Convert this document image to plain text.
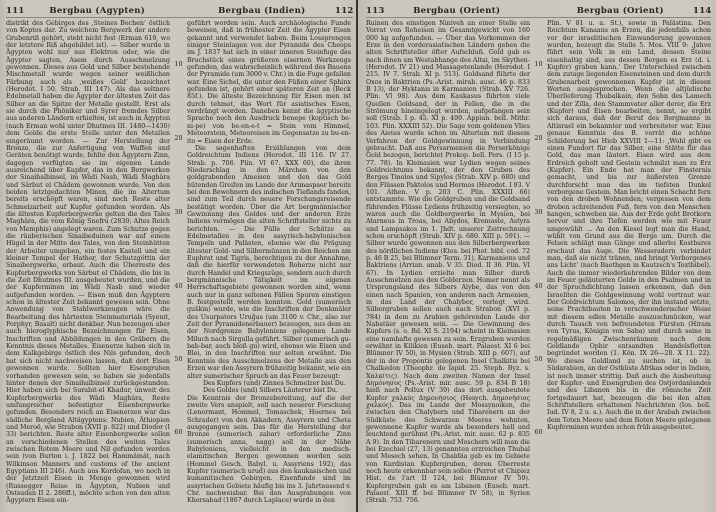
111	Bergbau (Ägypten)	Bergbau (Indien)	112

distrikt des Gebirges des ‚Steines Bechen‘ östlich von Koptos dar. Zu welchem Bergwerk der andere Grubenriß gehört, steht nicht fest (Erman 619, wo der letztere Riß abgebildet ist). — Silber wurde in Ägypten wohl nur aus Elektron oder, wie die Ägypter sagten, Asem durch Ausschmelzung gewonnen. Dieses aus Gold und Silber bestehende Mischmetall wurde wegen seiner weißlichen Färbung auch als ‚weißes Gold‘ bezeichnet (Herodot. I 50. Strab. III 147). Als das seltnere Edelmetall haben die Ägypter der ältesten Zeit das Silber an die Spitze der Metalle gestellt. Erst als sie durch die Phöniker und Syrer fremdes Silber aus anderen Ländern erhielten, ist auch in Ägypten (nach Erman wohl unter Dhutmes III. 1480—1430) dem Golde die erste Stelle unter den Metallen eingeräumt worden. — Zur Herstellung der Bronze, die zur Anfertigung von Waffen und Geräten benötigt wurde, fehlte den Ägyptern Zinn, dagegen verfügten sie im eigenen Lande ausreichend über Kupfer, das in den Bergwerken der Sinaihalbinsel, im Wâdi Nasb, Wâdi Maghâra und Sârbut el Châdem gewonnen wurde. Von den beiden letztgedachten Minen, die im Altertum bereits erschöpft waren, sind noch Reste alter Schmelzarbeit auf Kupfer gefunden worden. Als die ältesten Kupferbergwerke gelten die des Tales Maghâra, die vom König Snefru (2830; Altes Reich von Memphis) angelegt waren. Zum Schutze gegen die räuberischen Sinaibeduinen war auf einem Hügel in der Mitte des Tales, von den Steinhütten der Arbeiter umgeben, ein festes Kastell und ein kleiner Tempel der Hathor, der Schutzgöttin der Sinaibergwerke, erbaut. Auch die Überreste des Kupferbergwerks von Sârbut el Châdem, die bis in die Zeit Dhutmes III. ausgebeutet wurden, und die der Kupferminen im Wâdi Nasb sind wieder aufgefunden worden. — Eisen muß den Ägyptern schon in ältester Zeit bekannt gewesen sein. Ohne Anwendung von Stahlwerkzeugen wäre die Bearbeitung des härtesten Steinmaterials (Syenit, Porphyr, Basalt) nicht denkbar. Nun bezeugen aber auch hieroglyphische Bezeichnungen für Eisen, Inschriften und Abbildungen in den Gräbern die Kenntnis dieses Metalles. Eisenerze haben sich in dem Kalkgebirge östlich des Nils gefunden, doch hat sich nicht nachweisen lassen, daß dort Eisen gewonnen wurde. Sollten hier Eisengruben vorhanden gewesen sein, so haben sie jedenfalls hinter denen der Sinaihalbinsel zurückgestanden. Hier haben sich bei Surabit-el Khadur, unweit des Kupferbergwerks des Wâdi Maghâra, Reste umfangreicher befestigter Eisenbergwerke gefunden. Besonders reich an Eisenerzen war das südliche Bergland Altägyptens: Nubien, Äthiopien und Meroë, wie Strabon (XVII p. 822) und Diodor (I 33) berichten. Reste alter Eisenbergwerke sollen an verschiedenen Stellen des weiten Tales zwischen Rotem Meere und Nil gefunden worden sein (von Burton i. J. 1822 bei Hammâmât, nach Wilkinson Manners and customs of the ancient Egyptians III 246). Auch aus Kordofan, wo noch in der Jetztzeit Eisen in Menge gewonnen wird (Russegger Reise in Ägypten, Nubien und Ostsudan II 2. 286ff.), möchte schon von den alten Ägyptern Eisen ein-

10
20
30
40
50
60

geführt worden sein. Auch archäologische Funde beweisen, daß in frühester Zeit die Ägypter Eisen gekannt und verwendet haben. Beim Lossprengen einiger Steinlagen von der Pyramide des Cheops im J. 1837 hat sich in einer inneren Steinfuge das Bruchstück eines größeren eisernen Werkzeugs gefunden, das wahrscheinlich während des Bauens der Pyramide (um 3000 v. Chr.) in die Fuge gefallen war. Eine Sichel, die unter den Füßen einer Sphinx gefunden ist, gehört einer späteren Zeit an (Beck 85f.). Die älteste Bezeichnung für Eisen men ist durch tehmet, das Wort für asiatisches Eisen, verdrängt worden. Daneben kennt die ägyptische Sprache noch den Ausdruck benepe (koptisch be-ni-pe) von be-en-e-t = Stein vom Himmel, Meteorstein, Meteoreisen im Gegensatze zu bu-en-ito = Eisen der Erde.

Die sagenhaften Erzählungen von dem Goldreichtum Indiens (Herodot. III 116. IV 27. Strab. p. 706. Plin. VI 67. XXX 60), die ihren Niederschlag in den Märchen von den goldgrabenden Ameisen und den das Gold hütenden Greifen im Lande der Arimaspaer bereits bei den Bewohnern des indischen Tieflands fanden, sind zum Teil durch neuere Forschungsreisende bestätigt worden. Über die Art bergmännischer Gewinnung des Goldes und der anderen Erze Indiens vermögen die alten Schriftsteller nichts zu berichten. — Die Fülle der Schätze an Edelmetallen in den assyrisch-babylonischen Tempeln und Palästen, ebenso wie die Prägung ältester Gold- und Silbermünzen in den Reichen am Euphrat und Tigris, berechtigen zu der Annahme, daß die hierfür verwendeten Roherze nicht nur durch Handel und Kriegszüge, sondern auch durch bergmännische Tätigkeit im eigenen Herrschaftsgebiete gewonnen worden sind, wenn auch nur in ganz seltenen Fällen Spuren einstigen B. festgestellt werden konnten. Gold (sumerisch guškin) wurde, wie die Inschriften der Denkmäler des Usurpators Uruǧas (um 3100 v. Chr., also zur Zeit der Pyramidenerbauer) bezeugen, aus dem an der Nordgrenze Babyloniens gelegenen Lande Miluch nach Sirgulla geführt. Silber (sumerisch gu-bab-bar, auch bloß gu) wird, ebenso wie Eisen und Blei, in den Inschriften nur selten erwähnt. Die Kenntnis des Ausschmelzens der Metalle aus den Erzen war den Assyrern frühzeitig bekannt, wie ein alter sumerischer Spruch an das Feuer bezeugt:

Des Kupfers (und) Zinnes Schmelzer bist Du.

Des Goldes (und) Silbers Läuterer bist Du.

Die Kenntnis der Bronzebereitung, auf die der zweite Vers anspielt, soll nach neuerer Forschung (Lenormant, Hommel, Tomaschek, Hoernes bei Schrader) von den Akkadern, Assyrern und Cheta ausgegangen sein. Das für die Herstellung der Bronze (sumerisch zabar) erforderliche Zinn (sumerisch anna, nagg) soll in der Nähe Babyloniens, vielleicht in den medisch-elamitischen Bergen gewonnen worden sein (Hommel Gesch. Babyl. u. Assyriens 192), das Kupfer (sumerisch urud) aus den kaukasischen und kumanitischen Gebirgen. Eisenfunde sind im assyrischen Gebiete häufig bis ins 3. Jahrtausend v. Chr. nachweisbar. Bei den Ausgrabungen von Khorsabad (1867 durch Laplace) wurde in den

113	Bergbau (Orient)	Bergbau (Orient)	114

Ruinen des einstigen Niniveh an einer Stelle ein Vorrat von Roheisen im Gesamtgewicht von 160 000 kg aufgefunden. — Über das Vorkommen der Erze in den vorderasiatischen Ländern geben die alten Schriftsteller öfter Aufschluß. Gold gab es nach ihnen am Westabhange des Altai, im Skythen- (Herodot. IV 21) und Massagetenlande (Herodot. I 215. IV 7. Strab. XI p. 513). Goldsand führte der Oxos in Baktrien (Ps.-Arist. mirab. ausc. 46 p. 833 B 13), der Hyktanis in Karmanien (Strab. XV 726. Plin. VI 98). Aus dem Kaukasus führten viele Quellen Goldsand, der in Fellen, die in die Strömung hineingelegt wurden, aufgefangen sein soll (Strab. I p. 45. XI p. 499. Appian. bell. Mithr. 103. Plin. XXXIII 52). Die Sage vom goldenen Vlies des Aietes wurde schon im Altertum mit diesem Verfahren der Goldgewinnung in Verbindung gebracht. Daß aus Persarmenien die Perserkönige Gold bezogen, berichtet Prokop. bell. Pers. (I 15 p. 77. 78). In Kleinasien war Lydien wegen seines Goldreichtums bekannt, der den Gruben des Berges Tmolos und Sipylos (Strab. XIV p. 680) und den Flüssen Paktolos und Hermos (Herodot. I 93. V 101. Athen. V p. 203 C. Plin. XXXIII 66) entstammte. Wie die Goldgruben und die Goldsand führenden Flüsse Lydiens frühzeitig versiegten, so waren auch die Goldbergwerke in Mysien, bei Atarneus in Troas, bei Abydos, Kremaste, Astyra und Lampsakos im 1. Jhdt. unserer Zeitrechnung schon erschöpft (Strab. XIV p. 680. XIII p. 591). — Silber wurde gewonnen aus den Silberbergwerken des nördlichen Indiens (Ktes. bei Phot. bibl. cod. 72 p. 46 B 25, bei Blümner Term. 31), Karmaniens und Baktriens (Arrian. anab. V 35. Diod. II 36. Plin. VI 67). In Lydien erzielte man Silber durch Ausschmelzen aus den Golderzen. Homer nennt als Ursprungsland des Silbers Alybe, das von den einen nach Spanien, von anderen nach Armenien, in das Land der Chalyber, verlegt wird. Silbergruben sollen auch nach Strabon (XVI p. 784) in dem zu Arabien gehörenden Lande der Nabatäer gewesen sein. — Die Gewinnung des Kupfers (s. o. Bd. XI S. 2194) scheint in Kleinasien eine namhafte gewesen zu sein. Erzgruben werden erwähnt in Kilikien (Euseb. mart. Palaest. XI 6 bei Blümner IV 50), in Mysien (Strab. XIII p. 607), auf der in der Propontis gelegenen Insel Chalkitis bei Chalkedon (Theophr. de lapid. 25. Steph. Byz. s. Χαλκίτις). Nach dem zweiten Namen der Insel Δημόνησος (Ps.-Arist. mir. ausc. 59 p. 834 B 18) hieß nach Pollux (V 39) das dort ausgebeutete Kupfer χαλκὸς Δημονήσιος (Hesych. Δημονήσιος χαλκός). Das im Lande der Mossynoiken, die zwischen den Chalybern und Tibarenern an der Südküste des Schwarzen Meeres wohnten, gewonnene Kupfer wurde als besonders hell und leuchtend gerühmt (Ps.-Arist. mir. ausc. 62 p. 835 A 9). In den Tibarenern und Moschern will man die bei Ezechiel (27, 13) genannten erzreichen Thubal und Mesech sehen. In Chaldäa gab es im Gebiete von Kurdistan Kupfergruben, deren Überreste noch heute erkennbar sein sollen (Perrot et Chipiez Hist. de l'art II 124, bei Blümner IV 59). Kupfergruben gab es am Libanon (Euseb. mart. Palaest. XIII ff. bei Blümner IV 58), in Syrien (Strab. 753. 756.

10
20
30
40
50
60

Plin. V 81 u. a. St.), sowie in Palästina. Den Reichtum Kanaans an Erzen, die jedenfalls schon vor der israelitischen Einwanderung gewonnen wurden, bezeugt die Stelle 5. Mos. VIII 9: ‚Jahve führt sein Volk in ein Land, dessen Steine eisenhaltig sind, aus dessen Bergen es Erz (d. i. Kupfer) graben kann.‘ Der Unterschied zwischen dem zutage liegenden Eisensteinen und dem durch Grubenarbeit gewonnenen Kupfer ist in diesen Worten ausgesprochen. Wenn die altjüdische Überlieferung Thubalkain, den Sohn des Lamech und der Zilla, den Stammvater aller derer, die Erz (Kupfer) und Eisen bearbeiten, nennt, so ergibt sich daraus, daß der Beruf des Bergmanns in Altisrael ein bekannter und verbreiteter war. Eine genaue Kenntnis des B. verrät die schöne Schilderung bei Hiob XXVIII 1—11: ‚Wohl gibt es einen Fundort für das Silber, eine Stätte für das Gold, das man läutert. Eisen wird aus dem Erdreich geholt und Gestein schmilzt man zu Erz (Kupfer). Ein Ende hat man der Finsternis gemacht, und bis zur äußersten Grenze durchforscht man das im tiefsten Dunkel verborgene Gestein. Man bricht einen Schacht fern von den droben Wohnenden; vergessen von dem droben schreitenden Fuß, fern von den Menschen hangen, schweben sie. Aus der Erde geht Brotkorn hervor und ihre Tiefen werden wie mit Feuer umgewühlt … An den Kiesel legt man die Hand, wühlt von Grund aus die Berge um. Durch die Felsen schlägt man Gänge und allerlei Kostbares erschaut das Auge. Die Wasseradern verbindet man, daß sie nicht tränen, und bringt Verborgenes ans Licht‘ (nach Baethgen in Kautzsch's Textbibel). Auch die immer wiederkehrenden Bilder von dem im Feuer geläuterten Golde in den Psalmen und in der Spruchdichtung lassen erkennen, daß den Israeliten die Goldgewinnung wohl vertraut war. Der Goldreichtum Salomos, der ihn instand setzte, seine Prachtbauten in verschwenderischer Weise mit diesem edlen Metalle auszuschmücken, war durch Tausch von befreundeten Fürsten (Hiram von Tyrus, Königin von Saba) und durch seine in regelmäßigen Zwischenräumen nach dem Goldlande Ophir entsandten Handelsflotten begründet worden (1. Kön. IX 26—28. X 11. 22). Wo dieses Goldland zu suchen ist, ob in Südarabien, an der Ostküste Afrikas oder in Indien, ist noch immer strittig. Daß auch die Ausbeutung der Kupfer- und Eisengruben des Ostjordanlandes und des Libanon bis in die römische Zeit fortgedauert hat, bezeugen die bei den alten Schriftstellern erhaltenen Nachrichten (Ios. bell. Iud. IV 8, 2 u. a.). Auch die in der Arabah zwischen dem Toten Meere und dem Roten Meere gelegenen Kupferminen wurden schon früh ausgebeutet.
